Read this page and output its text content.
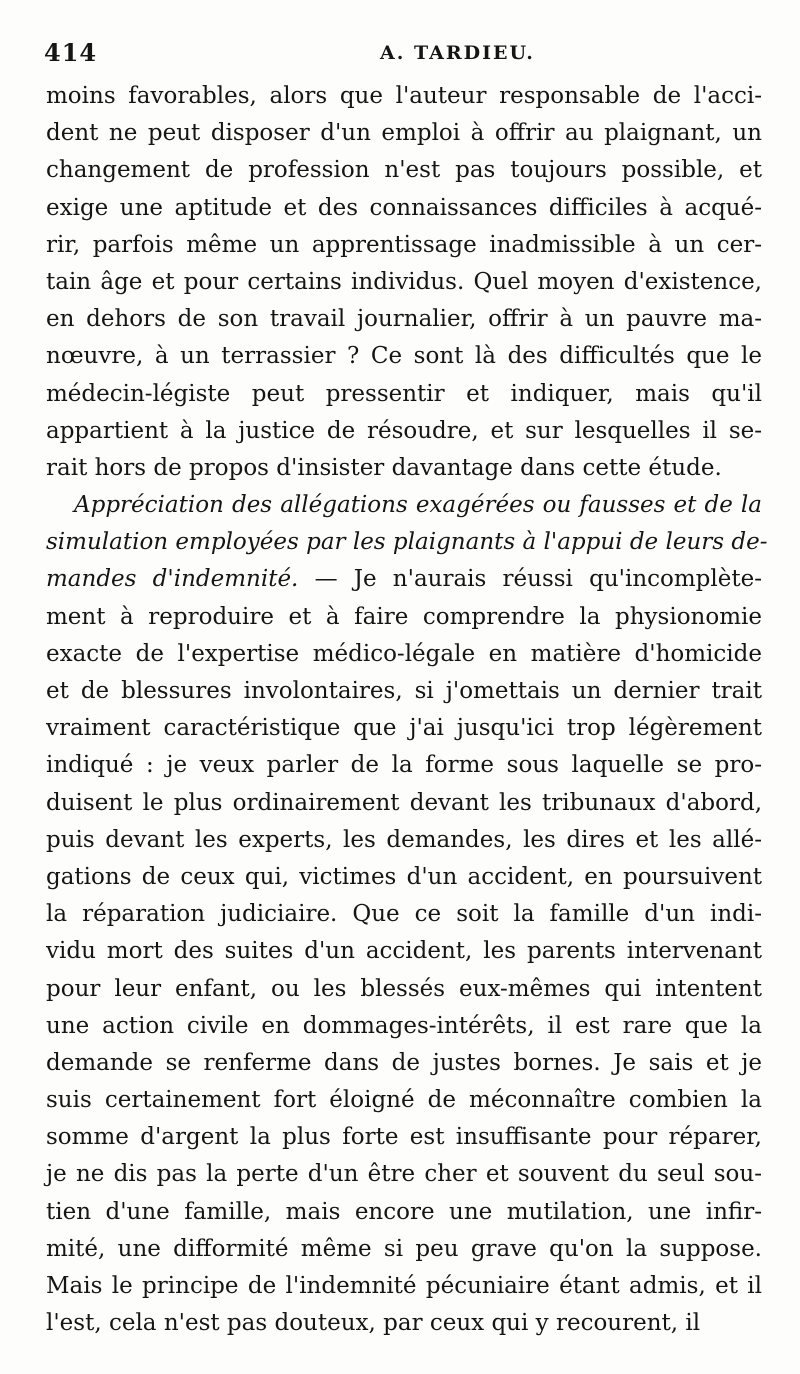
414	A. TARDIEU.
moins favorables, alors que l'auteur responsable de l'acci-
dent ne peut disposer d'un emploi à offrir au plaignant, un
changement de profession n'est pas toujours possible, et
exige une aptitude et des connaissances difficiles à acqué-
rir, parfois même un apprentissage inadmissible à un cer-
tain âge et pour certains individus. Quel moyen d'existence,
en dehors de son travail journalier, offrir à un pauvre ma-
nœuvre, à un terrassier ? Ce sont là des difficultés que le
médecin-légiste peut pressentir et indiquer, mais qu'il
appartient à la justice de résoudre, et sur lesquelles il se-
rait hors de propos d'insister davantage dans cette étude.
Appréciation des allégations exagérées ou fausses et de la
simulation employées par les plaignants à l'appui de leurs de-
mandes d'indemnité. — Je n'aurais réussi qu'incomplète-
ment à reproduire et à faire comprendre la physionomie
exacte de l'expertise médico-légale en matière d'homicide
et de blessures involontaires, si j'omettais un dernier trait
vraiment caractéristique que j'ai jusqu'ici trop légèrement
indiqué : je veux parler de la forme sous laquelle se pro-
duisent le plus ordinairement devant les tribunaux d'abord,
puis devant les experts, les demandes, les dires et les allé-
gations de ceux qui, victimes d'un accident, en poursuivent
la réparation judiciaire. Que ce soit la famille d'un indi-
vidu mort des suites d'un accident, les parents intervenant
pour leur enfant, ou les blessés eux-mêmes qui intentent
une action civile en dommages-intérêts, il est rare que la
demande se renferme dans de justes bornes. Je sais et je
suis certainement fort éloigné de méconnaître combien la
somme d'argent la plus forte est insuffisante pour réparer,
je ne dis pas la perte d'un être cher et souvent du seul sou-
tien d'une famille, mais encore une mutilation, une infir-
mité, une difformité même si peu grave qu'on la suppose.
Mais le principe de l'indemnité pécuniaire étant admis, et il
l'est, cela n'est pas douteux, par ceux qui y recourent, il
